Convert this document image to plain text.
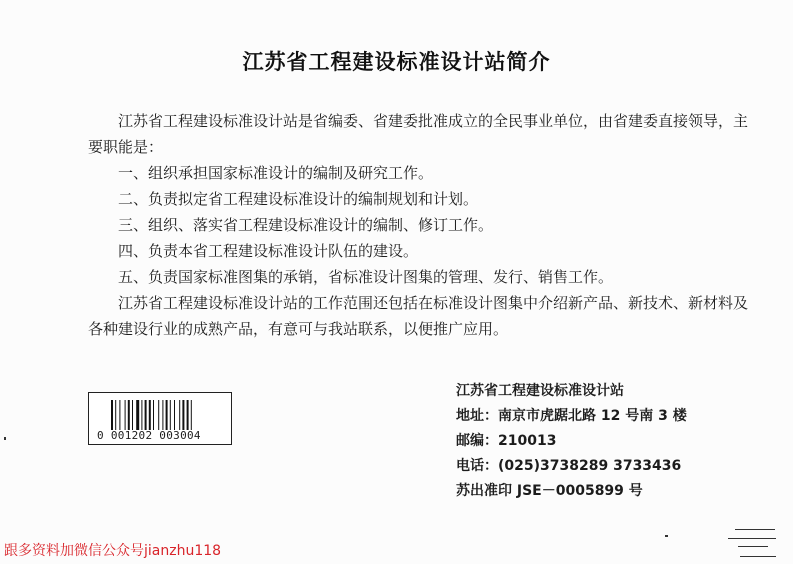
江苏省工程建设标准设计站简介

江苏省工程建设标准设计站是省编委、省建委批准成立的全民事业单位，由省建委直接领导，主要职能是：

一、组织承担国家标准设计的编制及研究工作。

二、负责拟定省工程建设标准设计的编制规划和计划。

三、组织、落实省工程建设标准设计的编制、修订工作。

四、负责本省工程建设标准设计队伍的建设。

五、负责国家标准图集的承销，省标准设计图集的管理、发行、销售工作。

江苏省工程建设标准设计站的工作范围还包括在标准设计图集中介绍新产品、新技术、新材料及各种建设行业的成熟产品，有意可与我站联系，以便推广应用。

0 001202 003004
江苏省工程建设标准设计站
地址：南京市虎踞北路 12 号南 3 楼
邮编：210013
电话：(025)3738289 3733436
苏出准印 JSE－0005899 号
跟多资料加微信公众号jianzhu118
